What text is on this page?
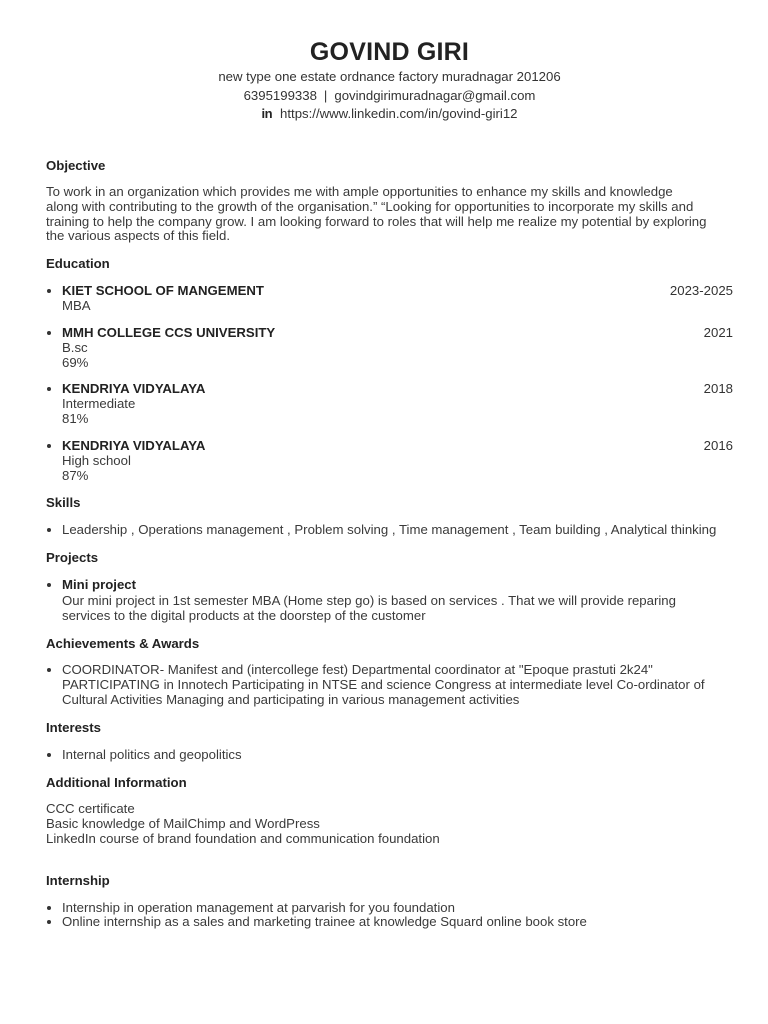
GOVIND GIRI
new type one estate ordnance factory muradnagar 201206
6395199338 | govindgirimuradnagar@gmail.com
in https://www.linkedin.com/in/govind-giri12
Objective
To work in an organization which provides me with ample opportunities to enhance my skills and knowledge
along with contributing to the growth of the organisation.” “Looking for opportunities to incorporate my skills and
training to help the company grow. I am looking forward to roles that will help me realize my potential by exploring
the various aspects of this field.
Education
KIET SCHOOL OF MANGEMENT	2023-2025
MBA
MMH COLLEGE CCS UNIVERSITY	2021
B.sc
69%
KENDRIYA VIDYALAYA	2018
Intermediate
81%
KENDRIYA VIDYALAYA	2016
High school
87%
Skills
Leadership , Operations management , Problem solving , Time management , Team building , Analytical thinking
Projects
Mini project
Our mini project in 1st semester MBA (Home step go) is based on services . That we will provide reparing
services to the digital products at the doorstep of the customer
Achievements & Awards
COORDINATOR- Manifest and (intercollege fest) Departmental coordinator at "Epoque prastuti 2k24"
PARTICIPATING in Innotech Participating in NTSE and science Congress at intermediate level Co-ordinator of
Cultural Activities Managing and participating in various management activities
Interests
Internal politics and geopolitics
Additional Information
CCC certificate
Basic knowledge of MailChimp and WordPress
LinkedIn course of brand foundation and communication foundation
Internship
Internship in operation management at parvarish for you foundation
Online internship as a sales and marketing trainee at knowledge Squard online book store
